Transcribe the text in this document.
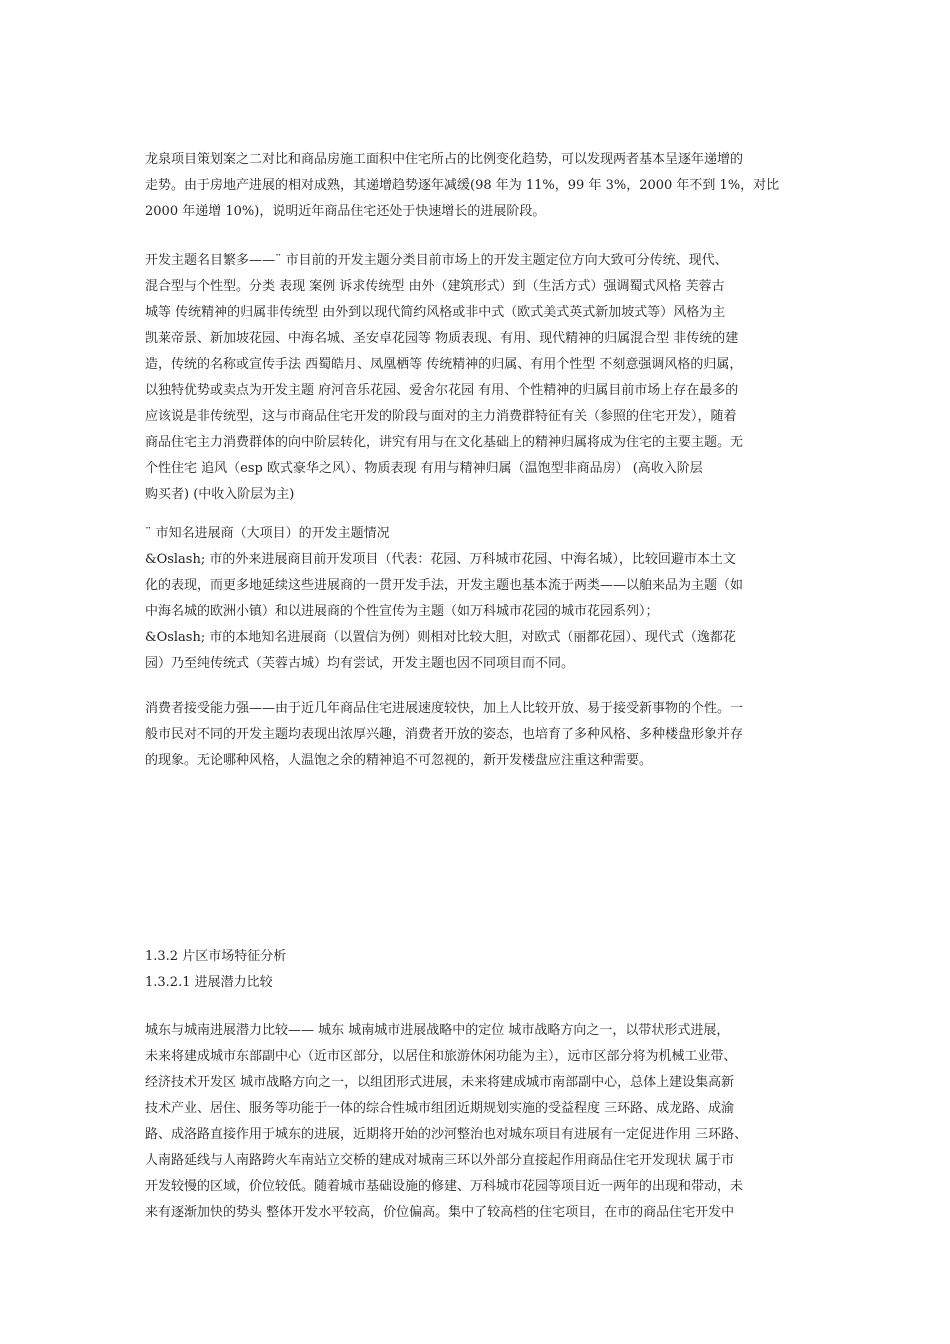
龙泉项目策划案之二对比和商品房施工面积中住宅所占的比例变化趋势，可以发现两者基本呈逐年递增的
走势。由于房地产进展的相对成熟，其递增趋势逐年减缓(98 年为 11%，99 年 3%，2000 年不到 1%，对比
2000 年递增 10%)，说明近年商品住宅还处于快速增长的进展阶段。
开发主题名目繁多——¨ 市目前的开发主题分类目前市场上的开发主题定位方向大致可分传统、现代、
混合型与个性型。分类 表现 案例 诉求传统型 由外（建筑形式）到（生活方式）强调蜀式风格 芙蓉古
城等 传统精神的归属非传统型 由外到以现代简约风格或非中式（欧式美式英式新加坡式等）风格为主
凯莱帝景、新加坡花园、中海名城、圣安卓花园等 物质表现、有用、现代精神的归属混合型 非传统的建
造，传统的名称或宣传手法 西蜀皓月、凤凰栖等 传统精神的归属、有用个性型 不刻意强调风格的归属，
以独特优势或卖点为开发主题 府河音乐花园、爱舍尔花园 有用、个性精神的归属目前市场上存在最多的
应该说是非传统型，这与市商品住宅开发的阶段与面对的主力消费群特征有关（参照的住宅开发），随着
商品住宅主力消费群体的向中阶层转化，讲究有用与在文化基础上的精神归属将成为住宅的主要主题。无
个性住宅 追风（esp 欧式豪华之风）、物质表现 有用与精神归属（温饱型非商品房） (高收入阶层
购买者) (中收入阶层为主)
¨ 市知名进展商（大项目）的开发主题情况
&Oslash; 市的外来进展商目前开发项目（代表：花园、万科城市花园、中海名城），比较回避市本土文
化的表现，而更多地延续这些进展商的一贯开发手法，开发主题也基本流于两类——以舶来品为主题（如
中海名城的欧洲小镇）和以进展商的个性宣传为主题（如万科城市花园的城市花园系列）；
&Oslash; 市的本地知名进展商（以置信为例）则相对比较大胆，对欧式（丽都花园）、现代式（逸都花
园）乃至纯传统式（芙蓉古城）均有尝试，开发主题也因不同项目而不同。
消费者接受能力强——由于近几年商品住宅进展速度较快，加上人比较开放、易于接受新事物的个性。一
般市民对不同的开发主题均表现出浓厚兴趣，消费者开放的姿态，也培育了多种风格、多种楼盘形象并存
的现象。无论哪种风格，人温饱之余的精神追不可忽视的，新开发楼盘应注重这种需要。
1.3.2 片区市场特征分析
1.3.2.1 进展潜力比较
城东与城南进展潜力比较—— 城东 城南城市进展战略中的定位 城市战略方向之一，以带状形式进展，
未来将建成城市东部副中心（近市区部分，以居住和旅游休闲功能为主），远市区部分将为机械工业带、
经济技术开发区 城市战略方向之一，以组团形式进展，未来将建成城市南部副中心，总体上建设集高新
技术产业、居住、服务等功能于一体的综合性城市组团近期规划实施的受益程度 三环路、成龙路、成渝
路、成洛路直接作用于城东的进展，近期将开始的沙河整治也对城东项目有进展有一定促进作用 三环路、
人南路延线与人南路跨火车南站立交桥的建成对城南三环以外部分直接起作用商品住宅开发现状 属于市
开发较慢的区域，价位较低。随着城市基础设施的修建、万科城市花园等项目近一两年的出现和带动，未
来有逐渐加快的势头 整体开发水平较高，价位偏高。集中了较高档的住宅项目，在市的商品住宅开发中
